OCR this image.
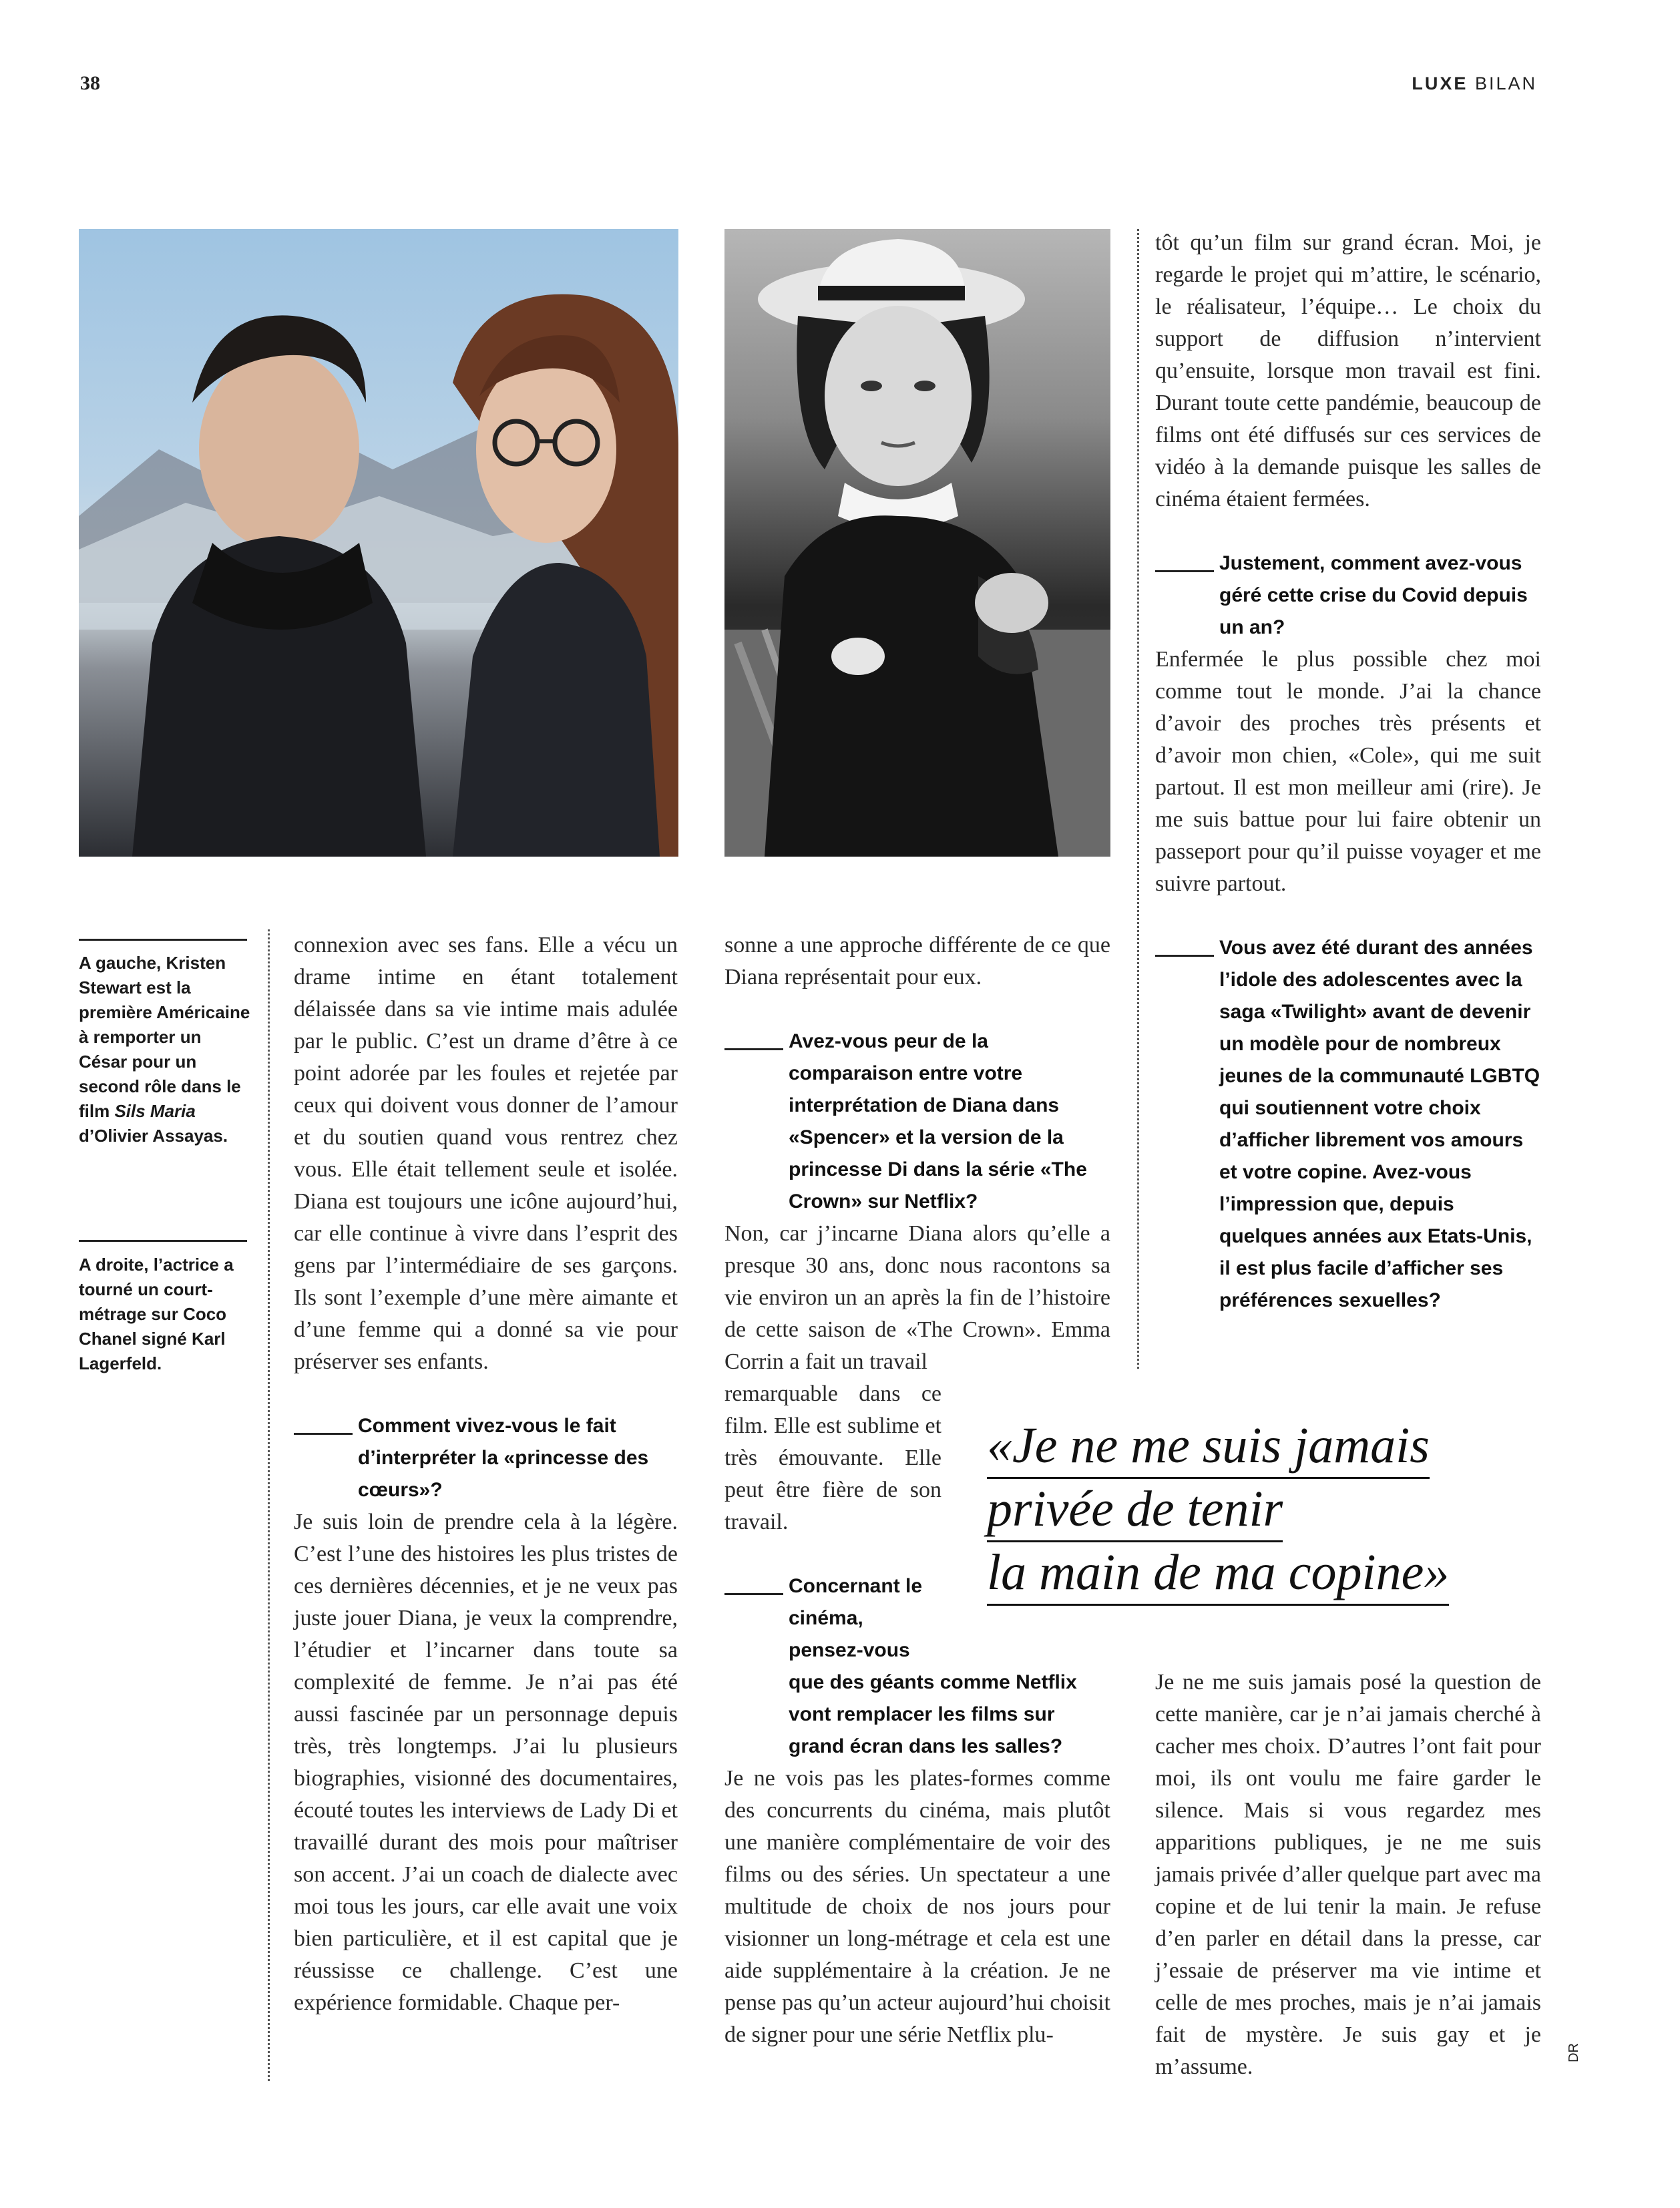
38	LUXE BILAN
A gauche, Kristen Stewart est la première Américaine à remporter un César pour un second rôle dans le film Sils Maria d’Olivier Assayas.
A droite, l’actrice a tourné un court-métrage sur Coco Chanel signé Karl Lagerfeld.

connexion avec ses fans. Elle a vécu un drame intime en étant totalement délaissée dans sa vie intime mais adulée par le public. C’est un drame d’être à ce point adorée par les foules et rejetée par ceux qui doivent vous donner de l’amour et du soutien quand vous rentrez chez vous. Elle était tellement seule et isolée. Diana est toujours une icône aujourd’hui, car elle continue à vivre dans l’esprit des gens par l’intermédiaire de ses garçons. Ils sont l’exemple d’une mère aimante et d’une femme qui a donné sa vie pour préserver ses enfants.

Comment vivez-vous le fait d’interpréter la «princesse des cœurs»?

Je suis loin de prendre cela à la légère. C’est l’une des histoires les plus tristes de ces dernières décennies, et je ne veux pas juste jouer Diana, je veux la comprendre, l’étudier et l’incarner dans toute sa complexité de femme. Je n’ai pas été aussi fascinée par un personnage depuis très, très longtemps. J’ai lu plusieurs biographies, visionné des documentaires, écouté toutes les interviews de Lady Di et travaillé durant des mois pour maîtriser son accent. J’ai un coach de dialecte avec moi tous les jours, car elle avait une voix bien particulière, et il est capital que je réussisse ce challenge. C’est une expérience formidable. Chaque per-

sonne a une approche différente de ce que Diana représentait pour eux.

Avez-vous peur de la comparaison entre votre interprétation de Diana dans «Spencer» et la version de la princesse Di dans la série «The Crown» sur Netflix?

Non, car j’incarne Diana alors qu’elle a presque 30 ans, donc nous racontons sa vie environ un an après la fin de l’histoire de cette saison de «The Crown». Emma Corrin a fait un travail

remarquable dans ce film. Elle est sublime et très émouvante. Elle peut être fière de son travail.

Concernant le cinéma, pensez-vous
que des géants comme Netflix vont remplacer les films sur grand écran dans les salles?

Je ne vois pas les plates-formes comme des concurrents du cinéma, mais plutôt une manière complémentaire de voir des films ou des séries. Un spectateur a une multitude de choix de nos jours pour visionner un long-métrage et cela est une aide supplémentaire à la création. Je ne pense pas qu’un acteur aujourd’hui choisit de signer pour une série Netflix plu-

tôt qu’un film sur grand écran. Moi, je regarde le projet qui m’attire, le scénario, le réalisateur, l’équipe… Le choix du support de diffusion n’intervient qu’ensuite, lorsque mon travail est fini. Durant toute cette pandémie, beaucoup de films ont été diffusés sur ces services de vidéo à la demande puisque les salles de cinéma étaient fermées.

Justement, comment avez-vous géré cette crise du Covid depuis un an?

Enfermée le plus possible chez moi comme tout le monde. J’ai la chance d’avoir des proches très présents et d’avoir mon chien, «Cole», qui me suit partout. Il est mon meilleur ami (rire). Je me suis battue pour lui faire obtenir un passeport pour qu’il puisse voyager et me suivre partout.

Vous avez été durant des années l’idole des adolescentes avec la saga «Twilight» avant de devenir un modèle pour de nombreux jeunes de la communauté LGBTQ qui soutiennent votre choix d’afficher librement vos amours et votre copine. Avez-vous l’impression que, depuis quelques années aux Etats-Unis, il est plus facile d’afficher ses préférences sexuelles?

Je ne me suis jamais posé la question de cette manière, car je n’ai jamais cherché à cacher mes choix. D’autres l’ont fait pour moi, ils ont voulu me faire garder le silence. Mais si vous regardez mes apparitions publiques, je ne me suis jamais privée d’aller quelque part avec ma copine et de lui tenir la main. Je refuse d’en parler en détail dans la presse, car j’essaie de préserver ma vie intime et celle de mes proches, mais je n’ai jamais fait de mystère. Je suis gay et je m’assume.

«Je ne me suis jamais
privée de tenir
la main de ma copine»
DR
